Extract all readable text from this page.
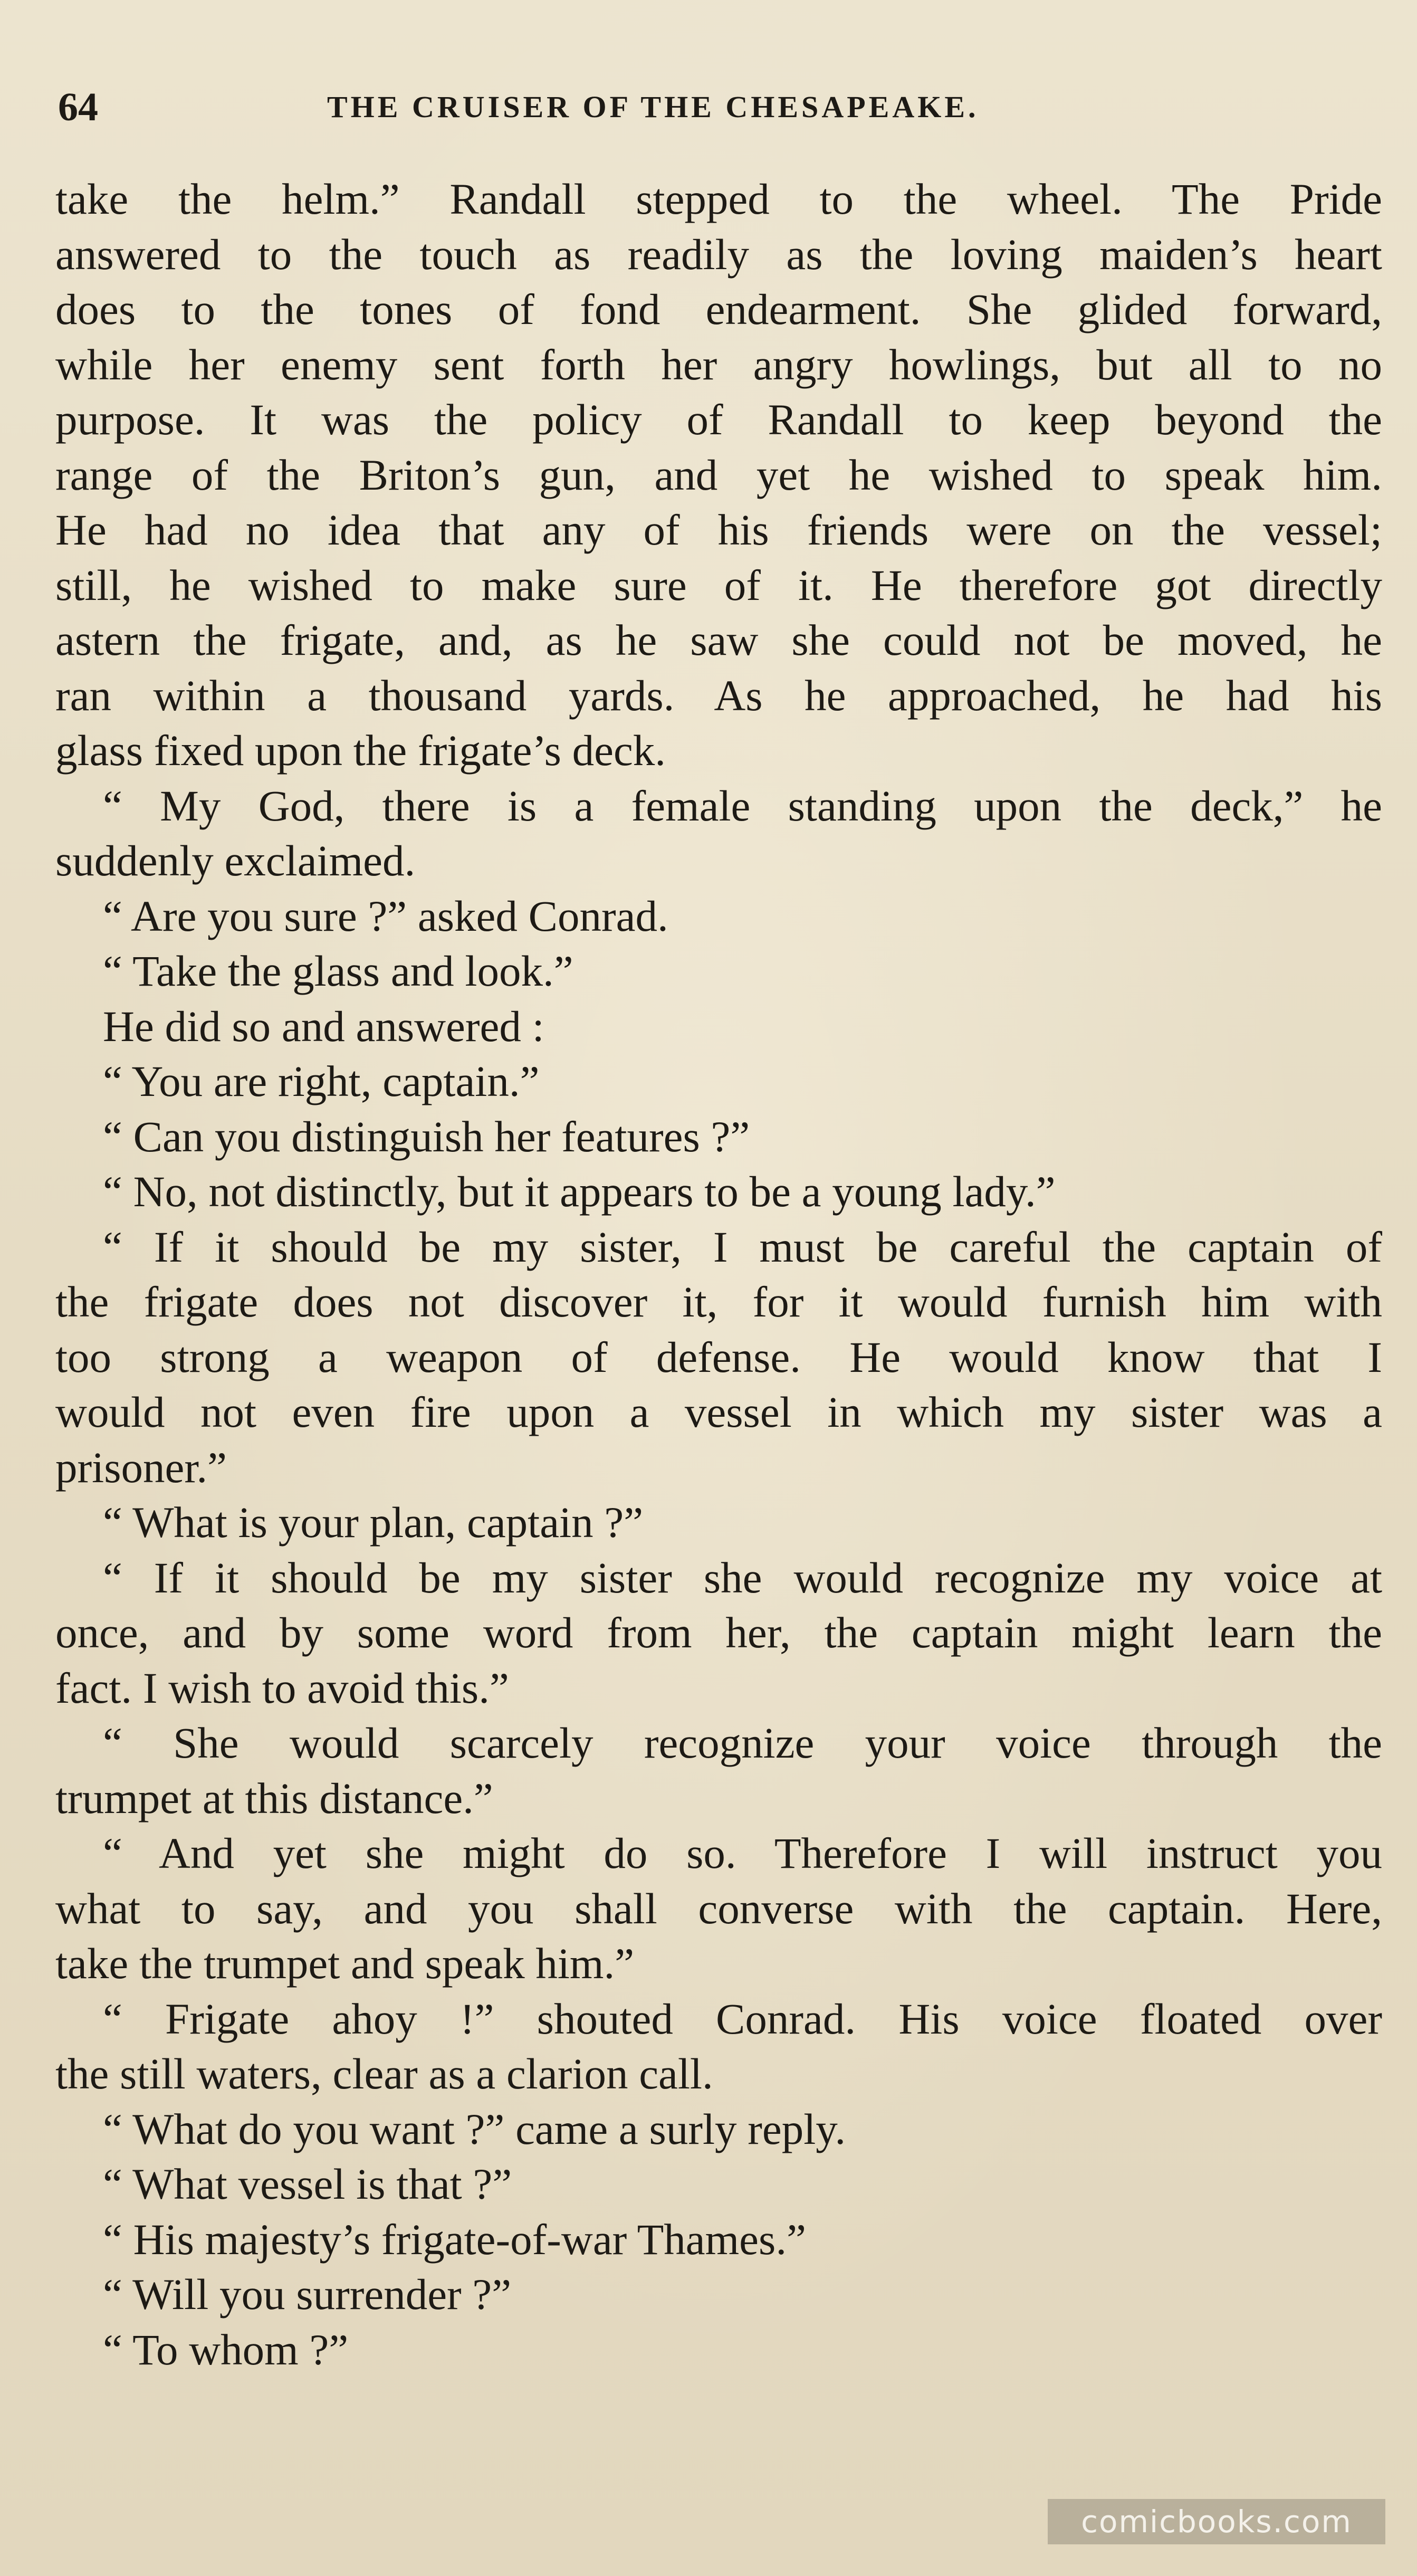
64	THE CRUISER OF THE CHESAPEAKE.
take the helm.” Randall stepped to the wheel. The Pride
answered to the touch as readily as the loving maiden’s heart
does to the tones of fond endearment. She glided forward,
while her enemy sent forth her angry howlings, but all to no
purpose. It was the policy of Randall to keep beyond the
range of the Briton’s gun, and yet he wished to speak him.
He had no idea that any of his friends were on the vessel;
still, he wished to make sure of it. He therefore got directly
astern the frigate, and, as he saw she could not be moved, he
ran within a thousand yards. As he approached, he had his
glass fixed upon the frigate’s deck.
“ My God, there is a female standing upon the deck,” he
suddenly exclaimed.
“ Are you sure ?” asked Conrad.
“ Take the glass and look.”
He did so and answered :
“ You are right, captain.”
“ Can you distinguish her features ?”
“ No, not distinctly, but it appears to be a young lady.”
“ If it should be my sister, I must be careful the captain of
the frigate does not discover it, for it would furnish him with
too strong a weapon of defense. He would know that I
would not even fire upon a vessel in which my sister was a
prisoner.”
“ What is your plan, captain ?”
“ If it should be my sister she would recognize my voice at
once, and by some word from her, the captain might learn the
fact. I wish to avoid this.”
“ She would scarcely recognize your voice through the
trumpet at this distance.”
“ And yet she might do so. Therefore I will instruct you
what to say, and you shall converse with the captain. Here,
take the trumpet and speak him.”
“ Frigate ahoy !” shouted Conrad. His voice floated over
the still waters, clear as a clarion call.
“ What do you want ?” came a surly reply.
“ What vessel is that ?”
“ His majesty’s frigate-of-war Thames.”
“ Will you surrender ?”
“ To whom ?”
comicbooks.com
